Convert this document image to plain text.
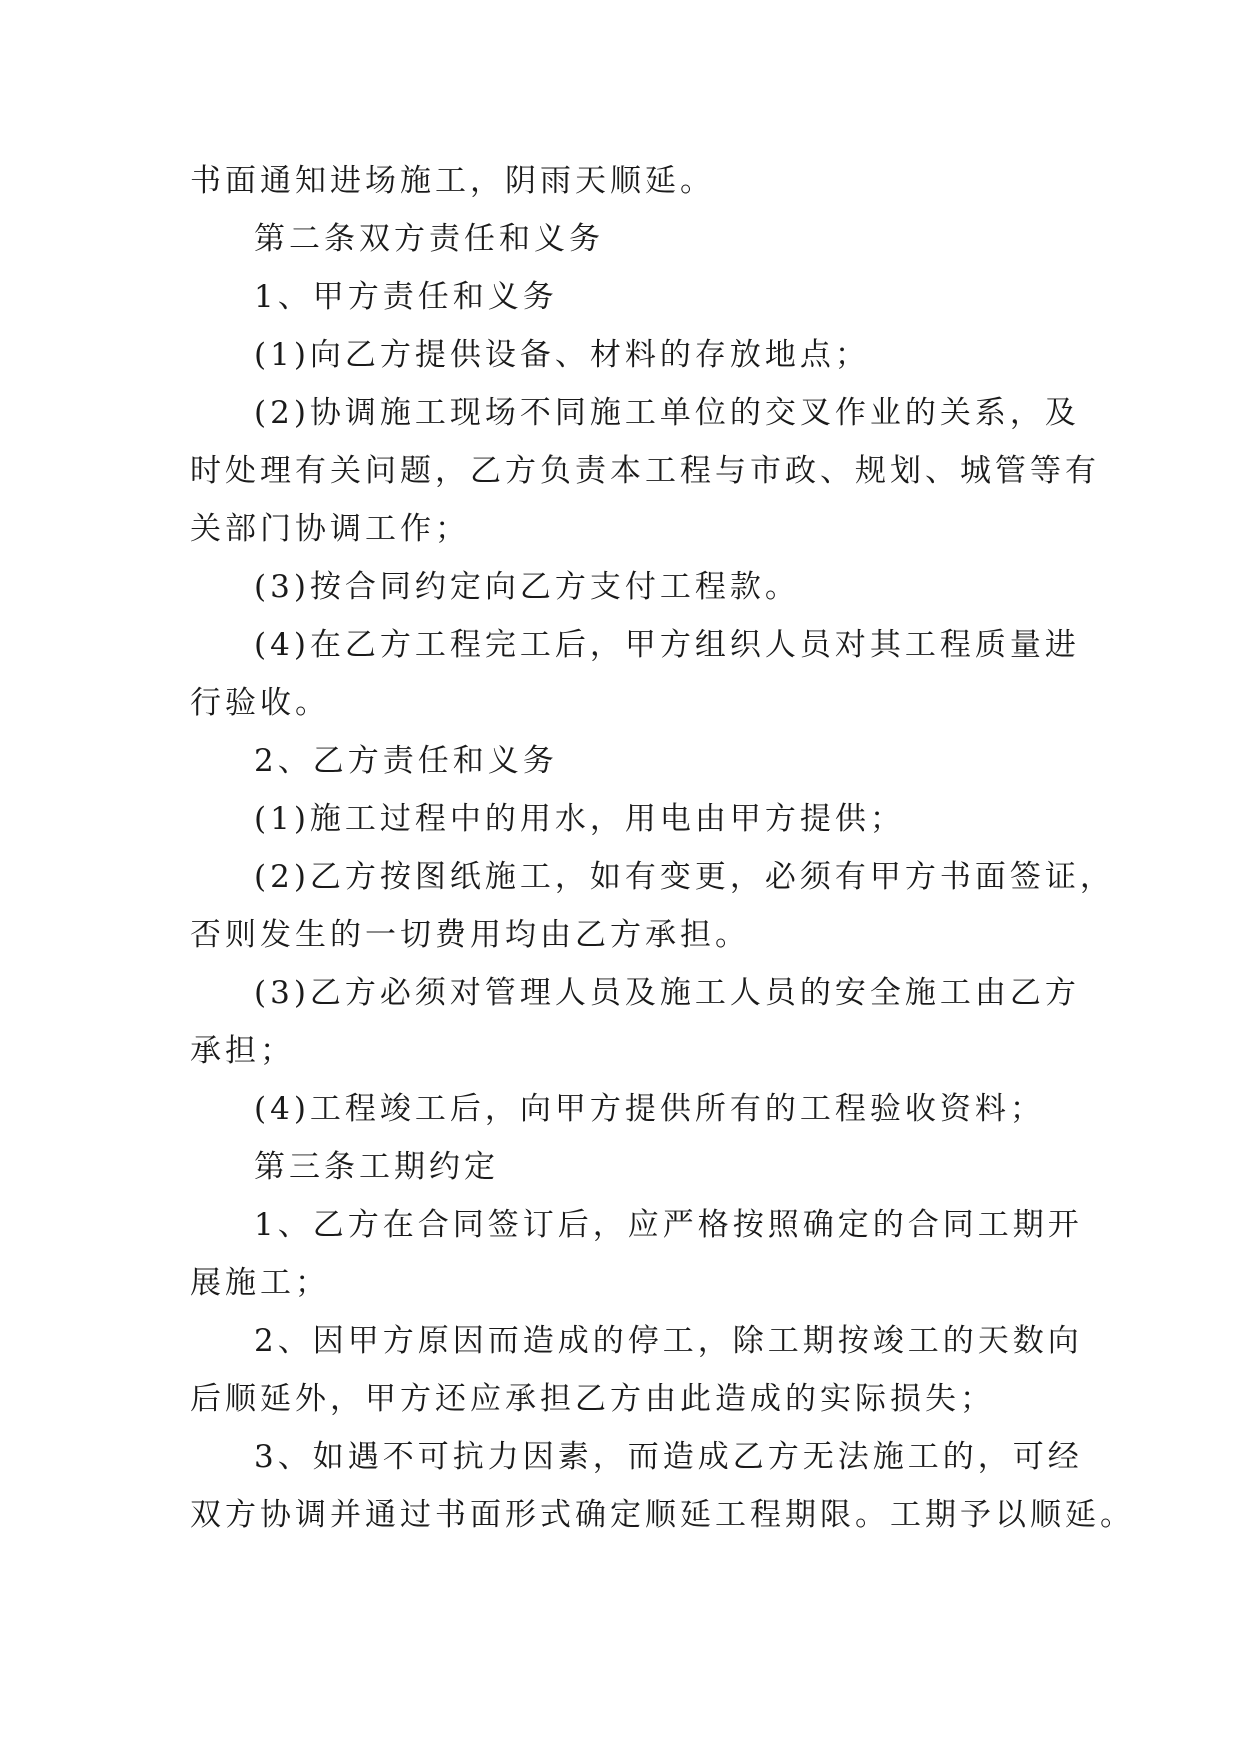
书面通知进场施工，阴雨天顺延。

第二条双方责任和义务

1、甲方责任和义务

(1)向乙方提供设备、材料的存放地点；

(2)协调施工现场不同施工单位的交叉作业的关系，及
时处理有关问题，乙方负责本工程与市政、规划、城管等有
关部门协调工作；

(3)按合同约定向乙方支付工程款。

(4)在乙方工程完工后，甲方组织人员对其工程质量进
行验收。

2、乙方责任和义务

(1)施工过程中的用水，用电由甲方提供；

(2)乙方按图纸施工，如有变更，必须有甲方书面签证，
否则发生的一切费用均由乙方承担。

(3)乙方必须对管理人员及施工人员的安全施工由乙方
承担；

(4)工程竣工后，向甲方提供所有的工程验收资料；

第三条工期约定

1、乙方在合同签订后，应严格按照确定的合同工期开
展施工；

2、因甲方原因而造成的停工，除工期按竣工的天数向
后顺延外，甲方还应承担乙方由此造成的实际损失；

3、如遇不可抗力因素，而造成乙方无法施工的，可经
双方协调并通过书面形式确定顺延工程期限。工期予以顺延。
